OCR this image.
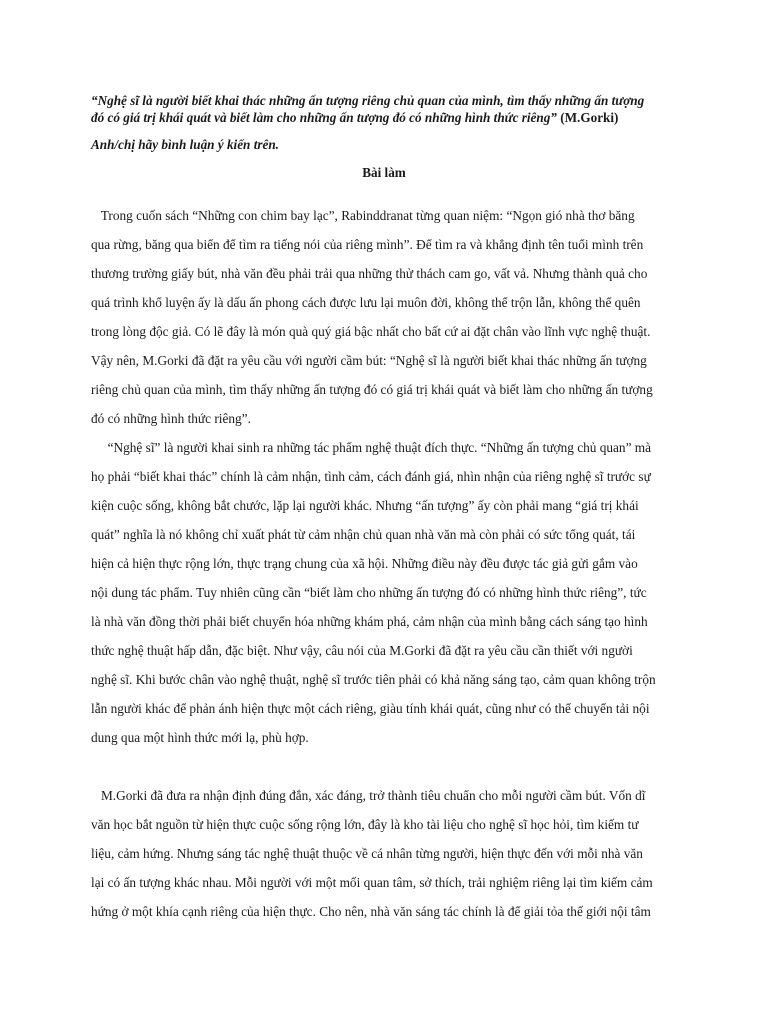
“Nghệ sĩ là người biết khai thác những ấn tượng riêng chủ quan của mình, tìm thấy những ấn tượng
đó có giá trị khái quát và biết làm cho những ấn tượng đó có những hình thức riêng” (M.Gorki)

Anh/chị hãy bình luận ý kiến trên.

Bài làm

Trong cuốn sách “Những con chim bay lạc”, Rabinddranat từng quan niệm: “Ngọn gió nhà thơ băng
qua rừng, băng qua biển để tìm ra tiếng nói của riêng mình”. Để tìm ra và khẳng định tên tuổi mình trên
thương trường giấy bút, nhà văn đều phải trải qua những thử thách cam go, vất vả. Nhưng thành quả cho
quá trình khổ luyện ấy là dấu ấn phong cách được lưu lại muôn đời, không thể trộn lẫn, không thể quên
trong lòng độc giả. Có lẽ đây là món quà quý giá bậc nhất cho bất cứ ai đặt chân vào lĩnh vực nghệ thuật.
Vậy nên, M.Gorki đã đặt ra yêu cầu với người cầm bút: “Nghệ sĩ là người biết khai thác những ấn tượng
riêng chủ quan của mình, tìm thấy những ấn tượng đó có giá trị khái quát và biết làm cho những ấn tượng
đó có những hình thức riêng”.
“Nghệ sĩ” là người khai sinh ra những tác phẩm nghệ thuật đích thực. “Những ấn tượng chủ quan” mà
họ phải “biết khai thác” chính là cảm nhận, tình cảm, cách đánh giá, nhìn nhận của riêng nghệ sĩ trước sự
kiện cuộc sống, không bắt chước, lặp lại người khác. Nhưng “ấn tượng” ấy còn phải mang “giá trị khái
quát” nghĩa là nó không chỉ xuất phát từ cảm nhận chủ quan nhà văn mà còn phải có sức tổng quát, tái
hiện cả hiện thực rộng lớn, thực trạng chung của xã hội. Những điều này đều được tác giả gửi gắm vào
nội dung tác phẩm. Tuy nhiên cũng cần “biết làm cho những ấn tượng đó có những hình thức riêng”, tức
là nhà văn đồng thời phải biết chuyển hóa những khám phá, cảm nhận của mình bằng cách sáng tạo hình
thức nghệ thuật hấp dẫn, đặc biệt. Như vậy, câu nói của M.Gorki đã đặt ra yêu cầu cần thiết với người
nghệ sĩ. Khi bước chân vào nghệ thuật, nghệ sĩ trước tiên phải có khả năng sáng tạo, cảm quan không trộn
lẫn người khác để phản ánh hiện thực một cách riêng, giàu tính khái quát, cũng như có thể chuyển tải nội
dung qua một hình thức mới lạ, phù hợp.
M.Gorki đã đưa ra nhận định đúng đắn, xác đáng, trở thành tiêu chuẩn cho mỗi người cầm bút. Vốn dĩ
văn học bắt nguồn từ hiện thực cuộc sống rộng lớn, đây là kho tài liệu cho nghệ sĩ học hỏi, tìm kiếm tư
liệu, cảm hứng. Nhưng sáng tác nghệ thuật thuộc về cá nhân từng người, hiện thực đến với mỗi nhà văn
lại có ấn tượng khác nhau. Mỗi người với một mối quan tâm, sở thích, trải nghiệm riêng lại tìm kiếm cảm
hứng ở một khía cạnh riêng của hiện thực. Cho nên, nhà văn sáng tác chính là để giải tỏa thế giới nội tâm
